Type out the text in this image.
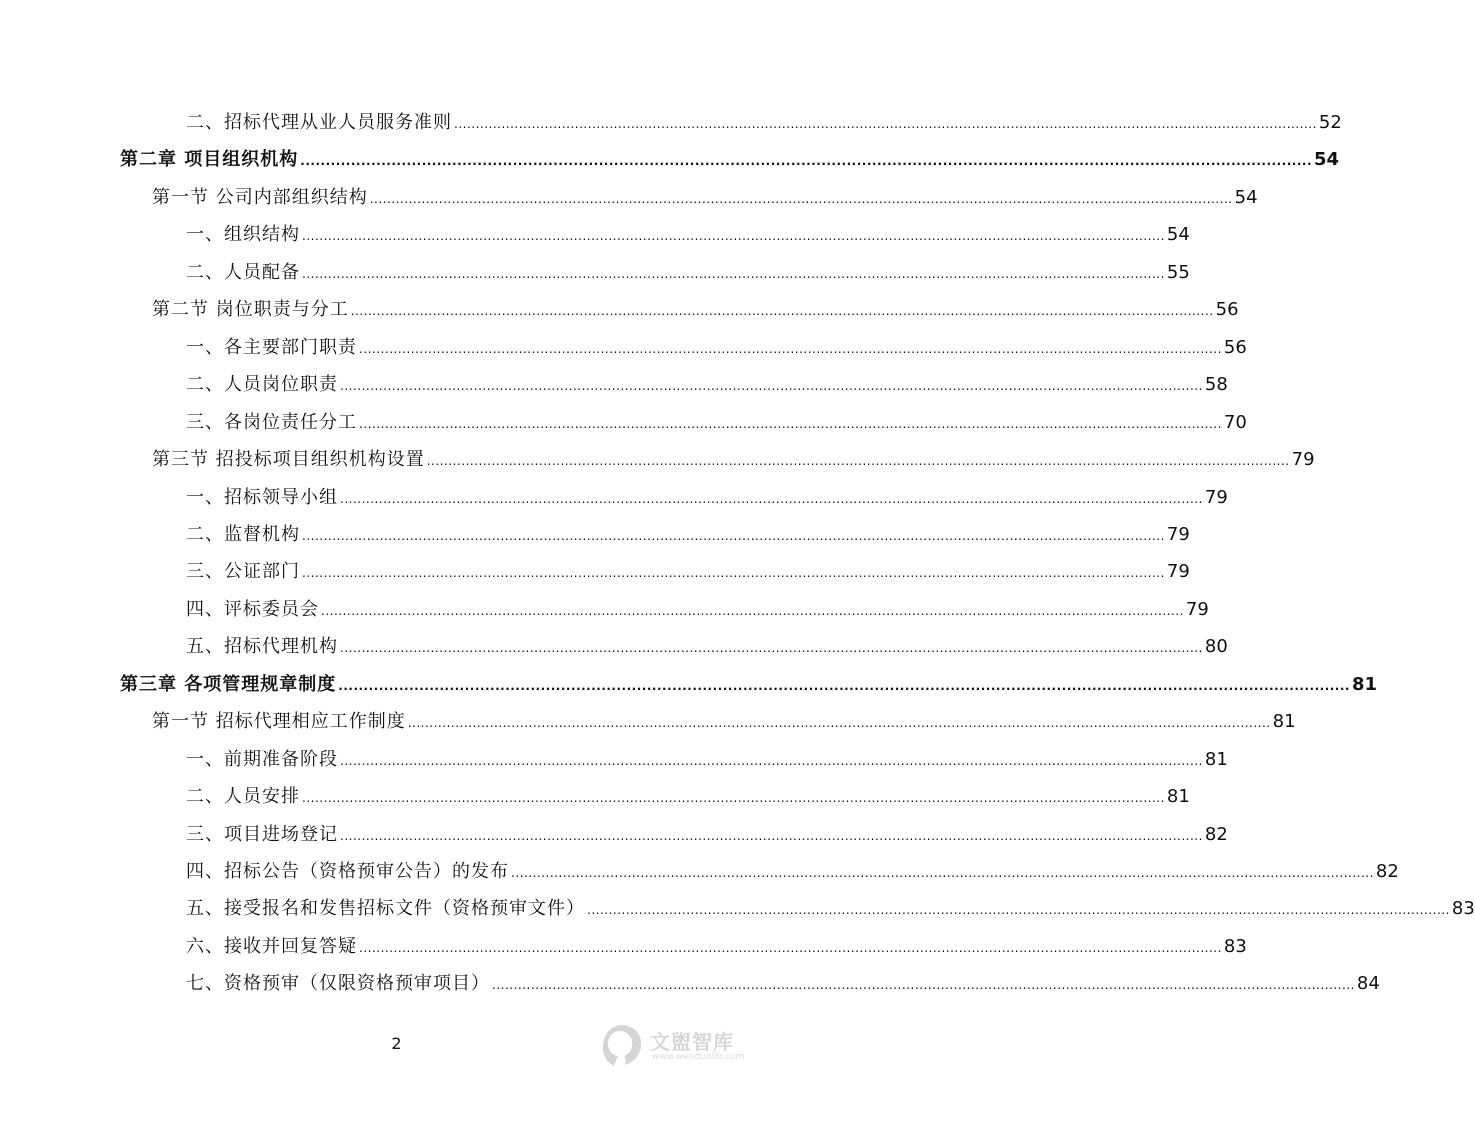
二、招标代理从业人员服务准则 ........................................................................................................................................................................................................ 52
第二章 项目组织机构 ........................................................................................................................................................................................................ 54
第一节 公司内部组织结构 ........................................................................................................................................................................................................ 54
一、组织结构 ........................................................................................................................................................................................................ 54
二、人员配备 ........................................................................................................................................................................................................ 55
第二节 岗位职责与分工 ........................................................................................................................................................................................................ 56
一、各主要部门职责 ........................................................................................................................................................................................................ 56
二、人员岗位职责 ........................................................................................................................................................................................................ 58
三、各岗位责任分工 ........................................................................................................................................................................................................ 70
第三节 招投标项目组织机构设置 ........................................................................................................................................................................................................ 79
一、招标领导小组 ........................................................................................................................................................................................................ 79
二、监督机构 ........................................................................................................................................................................................................ 79
三、公证部门 ........................................................................................................................................................................................................ 79
四、评标委员会 ........................................................................................................................................................................................................ 79
五、招标代理机构 ........................................................................................................................................................................................................ 80
第三章 各项管理规章制度 ........................................................................................................................................................................................................ 81
第一节 招标代理相应工作制度 ........................................................................................................................................................................................................ 81
一、前期准备阶段 ........................................................................................................................................................................................................ 81
二、人员安排 ........................................................................................................................................................................................................ 81
三、项目进场登记 ........................................................................................................................................................................................................ 82
四、招标公告（资格预审公告）的发布 ........................................................................................................................................................................................................ 82
五、接受报名和发售招标文件（资格预审文件） ........................................................................................................................................................................................................ 83
六、接收并回复答疑 ........................................................................................................................................................................................................ 83
七、资格预审（仅限资格预审项目） ........................................................................................................................................................................................................ 84
2	文盥智库
www.wenduolib.com
